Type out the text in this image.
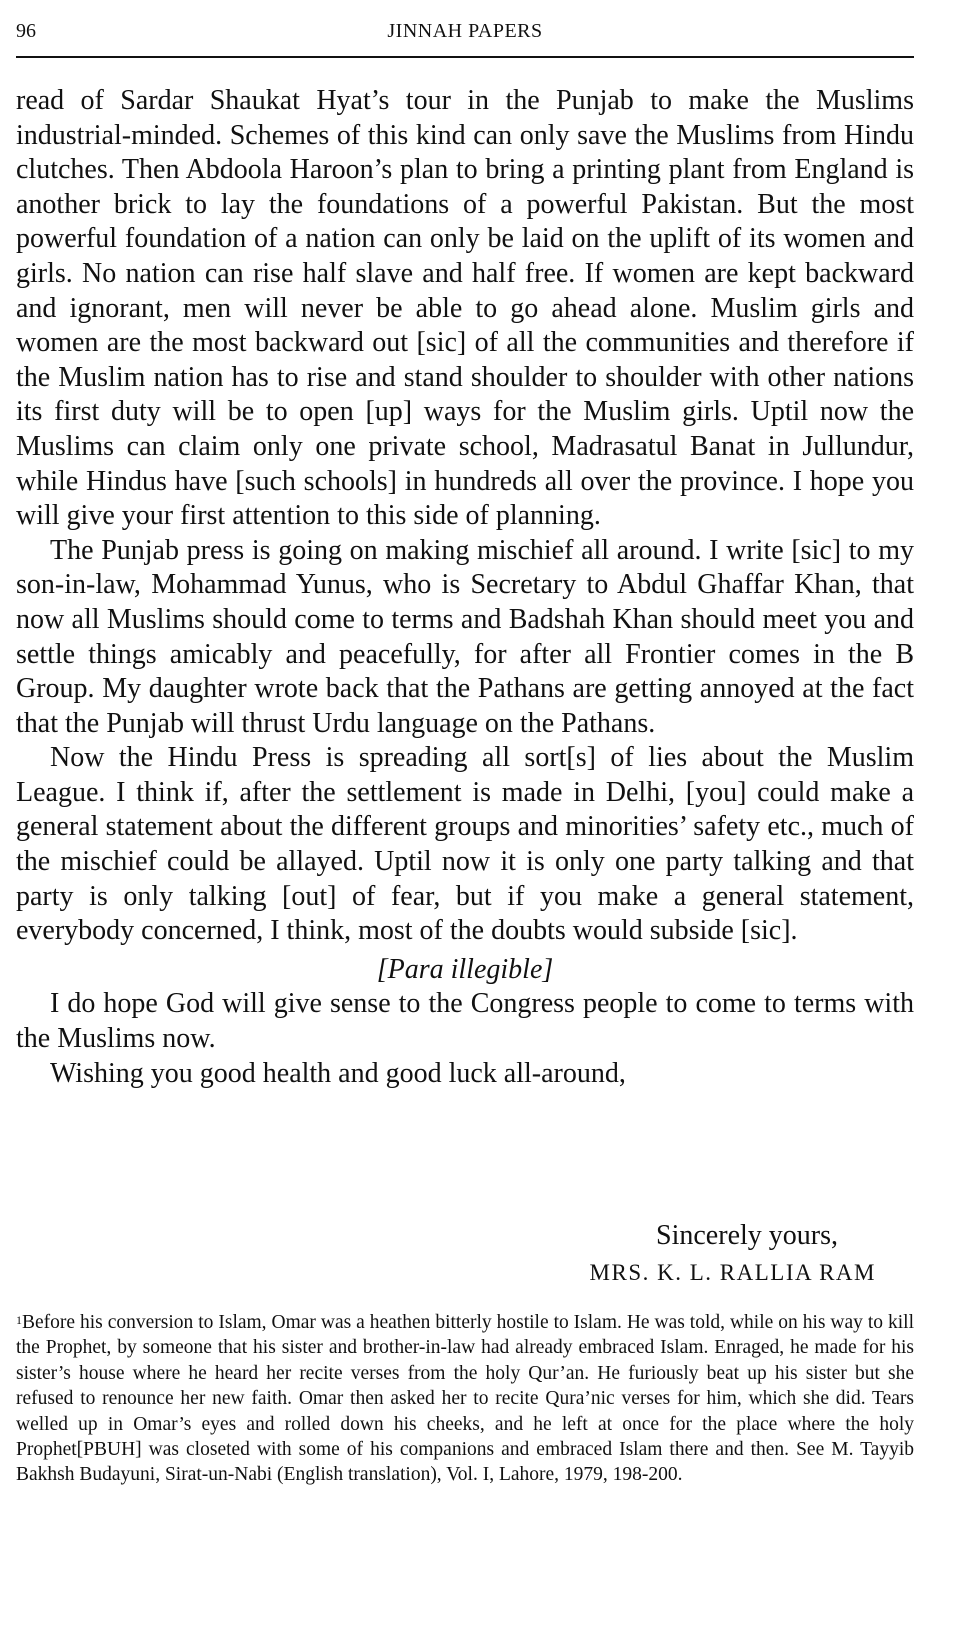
96	JINNAH PAPERS

read of Sardar Shaukat Hyat’s tour in the Punjab to make the Muslims industrial-minded. Schemes of this kind can only save the Muslims from Hindu clutches. Then Abdoola Haroon’s plan to bring a printing plant from England is another brick to lay the foundations of a powerful Pakistan. But the most powerful foundation of a nation can only be laid on the uplift of its women and girls. No nation can rise half slave and half free. If women are kept backward and ignorant, men will never be able to go ahead alone. Muslim girls and women are the most backward out [sic] of all the communities and therefore if the Muslim nation has to rise and stand shoulder to shoulder with other nations its first duty will be to open [up] ways for the Muslim girls. Uptil now the Muslims can claim only one private school, Madrasatul Banat in Jullundur, while Hindus have [such schools] in hundreds all over the province. I hope you will give your first attention to this side of planning.

The Punjab press is going on making mischief all around. I write [sic] to my son-in-law, Mohammad Yunus, who is Secretary to Abdul Ghaffar Khan, that now all Muslims should come to terms and Badshah Khan should meet you and settle things amicably and peacefully, for after all Frontier comes in the B Group. My daughter wrote back that the Pathans are getting annoyed at the fact that the Punjab will thrust Urdu language on the Pathans.

Now the Hindu Press is spreading all sort[s] of lies about the Muslim League. I think if, after the settlement is made in Delhi, [you] could make a general statement about the different groups and minorities’ safety etc., much of the mischief could be allayed. Uptil now it is only one party talking and that party is only talking [out] of fear, but if you make a general statement, everybody concerned, I think, most of the doubts would subside [sic].

[Para illegible]

I do hope God will give sense to the Congress people to come to terms with the Muslims now.

Wishing you good health and good luck all-around,

Sincerely yours,
MRS. K. L. RALLIA RAM
$^1$Before his conversion to Islam, Omar was a heathen bitterly hostile to Islam. He was told, while on his way to kill the Prophet, by someone that his sister and brother-in-law had already embraced Islam. Enraged, he made for his sister’s house where he heard her recite verses from the holy Qur’an. He furiously beat up his sister but she refused to renounce her new faith. Omar then asked her to recite Qura’nic verses for him, which she did. Tears welled up in Omar’s eyes and rolled down his cheeks, and he left at once for the place where the holy Prophet[PBUH] was closeted with some of his companions and embraced Islam there and then. See M. Tayyib Bakhsh Budayuni, Sirat-un-Nabi (English translation), Vol. I, Lahore, 1979, 198-200.
